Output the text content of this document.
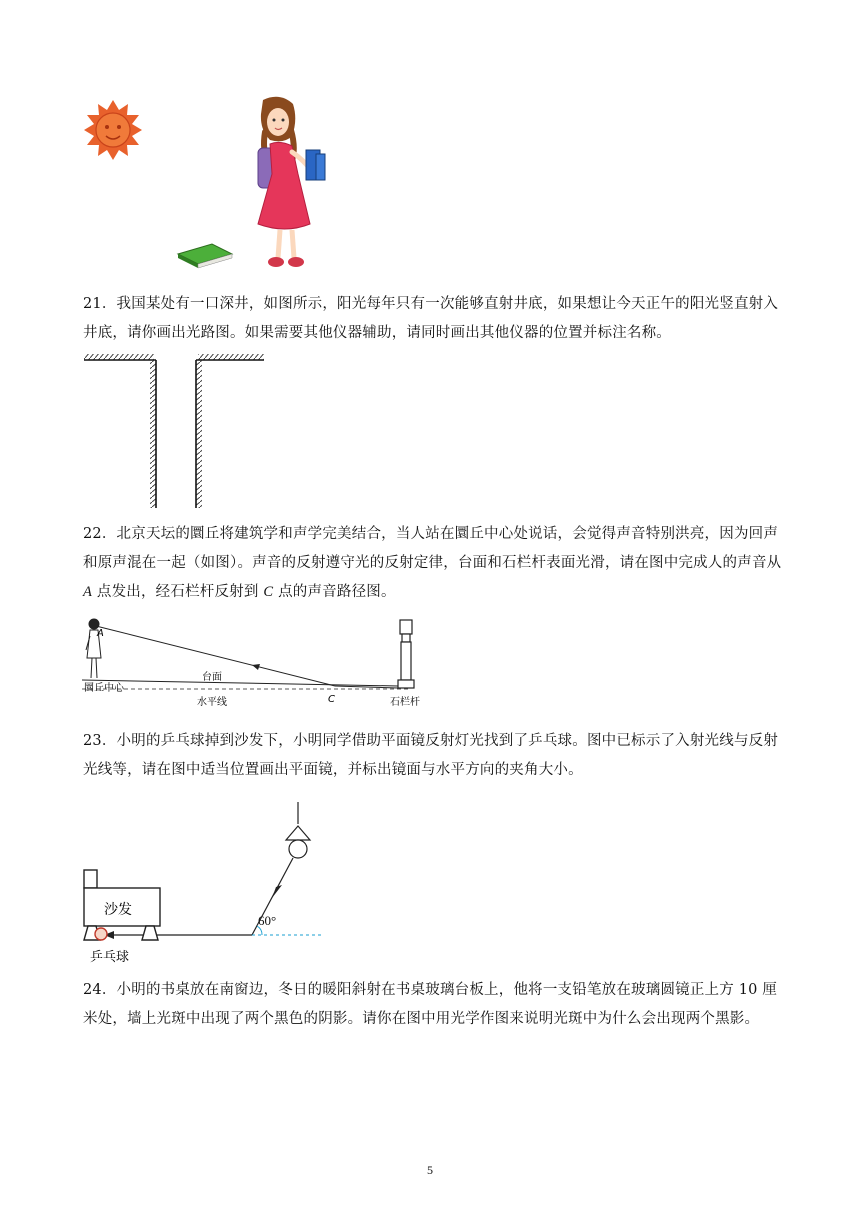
21．我国某处有一口深井，如图所示，阳光每年只有一次能够直射井底，如果想让今天正午的阳光竖直射入井底，请你画出光路图。如果需要其他仪器辅助，请同时画出其他仪器的位置并标注名称。
22．北京天坛的圜丘将建筑学和声学完美结合，当人站在圜丘中心处说话，会觉得声音特别洪亮，因为回声和原声混在一起（如图）。声音的反射遵守光的反射定律，台面和石栏杆表面光滑，请在图中完成人的声音从 A 点发出，经石栏杆反射到 C 点的声音路径图。
A
台面
圜丘中心
水平线	C	石栏杆
23．小明的乒乓球掉到沙发下，小明同学借助平面镜反射灯光找到了乒乓球。图中已标示了入射光线与反射光线等，请在图中适当位置画出平面镜，并标出镜面与水平方向的夹角大小。
60°
沙发
乒乓球
24．小明的书桌放在南窗边，冬日的暖阳斜射在书桌玻璃台板上，他将一支铅笔放在玻璃圆镜正上方 10 厘米处，墙上光斑中出现了两个黑色的阴影。请你在图中用光学作图来说明光斑中为什么会出现两个黑影。
5
